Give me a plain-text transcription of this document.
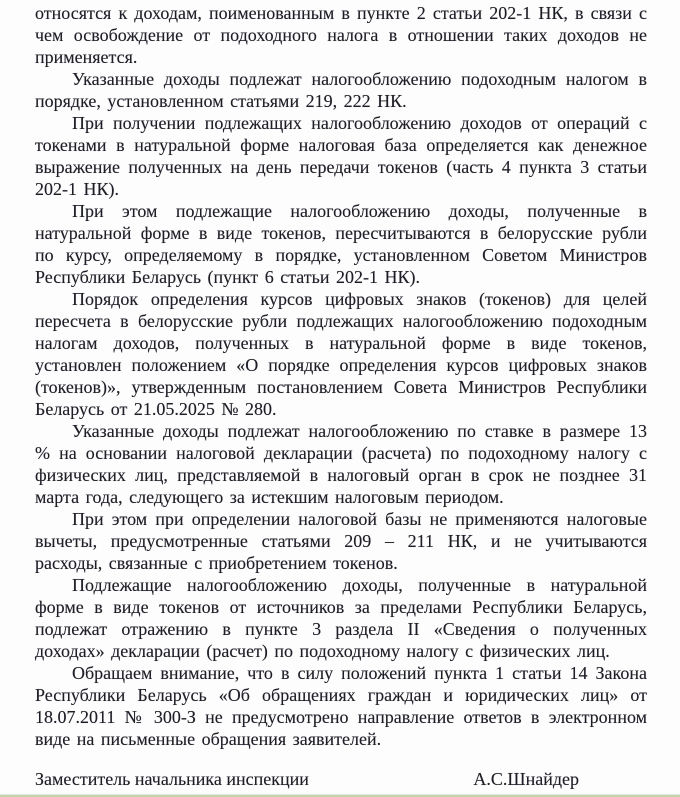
относятся к доходам, поименованным в пункте 2 статьи 202-1 НК, в связи с чем освобождение от подоходного налога в отношении таких доходов не применяется.

Указанные доходы подлежат налогообложению подоходным налогом в порядке, установленном статьями 219, 222 НК.

При получении подлежащих налогообложению доходов от операций с токенами в натуральной форме налоговая база определяется как денежное выражение полученных на день передачи токенов (часть 4 пункта 3 статьи 202-1 НК).

При этом подлежащие налогообложению доходы, полученные в натуральной форме в виде токенов, пересчитываются в белорусские рубли по курсу, определяемому в порядке, установленном Советом Министров Республики Беларусь (пункт 6 статьи 202-1 НК).

Порядок определения курсов цифровых знаков (токенов) для целей пересчета в белорусские рубли подлежащих налогообложению подоходным налогам доходов, полученных в натуральной форме в виде токенов, установлен положением «О порядке определения курсов цифровых знаков (токенов)», утвержденным постановлением Совета Министров Республики Беларусь от 21.05.2025 № 280.

Указанные доходы подлежат налогообложению по ставке в размере 13 % на основании налоговой декларации (расчета) по подоходному налогу с физических лиц, представляемой в налоговый орган в срок не позднее 31 марта года, следующего за истекшим налоговым периодом.

При этом при определении налоговой базы не применяются налоговые вычеты, предусмотренные статьями 209 – 211 НК, и не учитываются расходы, связанные с приобретением токенов.

Подлежащие налогообложению доходы, полученные в натуральной форме в виде токенов от источников за пределами Республики Беларусь, подлежат отражению в пункте 3 раздела II «Сведения о полученных доходах» декларации (расчет) по подоходному налогу с физических лиц.

Обращаем внимание, что в силу положений пункта 1 статьи 14 Закона Республики Беларусь «Об обращениях граждан и юридических лиц» от 18.07.2011 № 300-З не предусмотрено направление ответов в электронном виде на письменные обращения заявителей.

Заместитель начальника инспекции	А.С.Шнайдер
